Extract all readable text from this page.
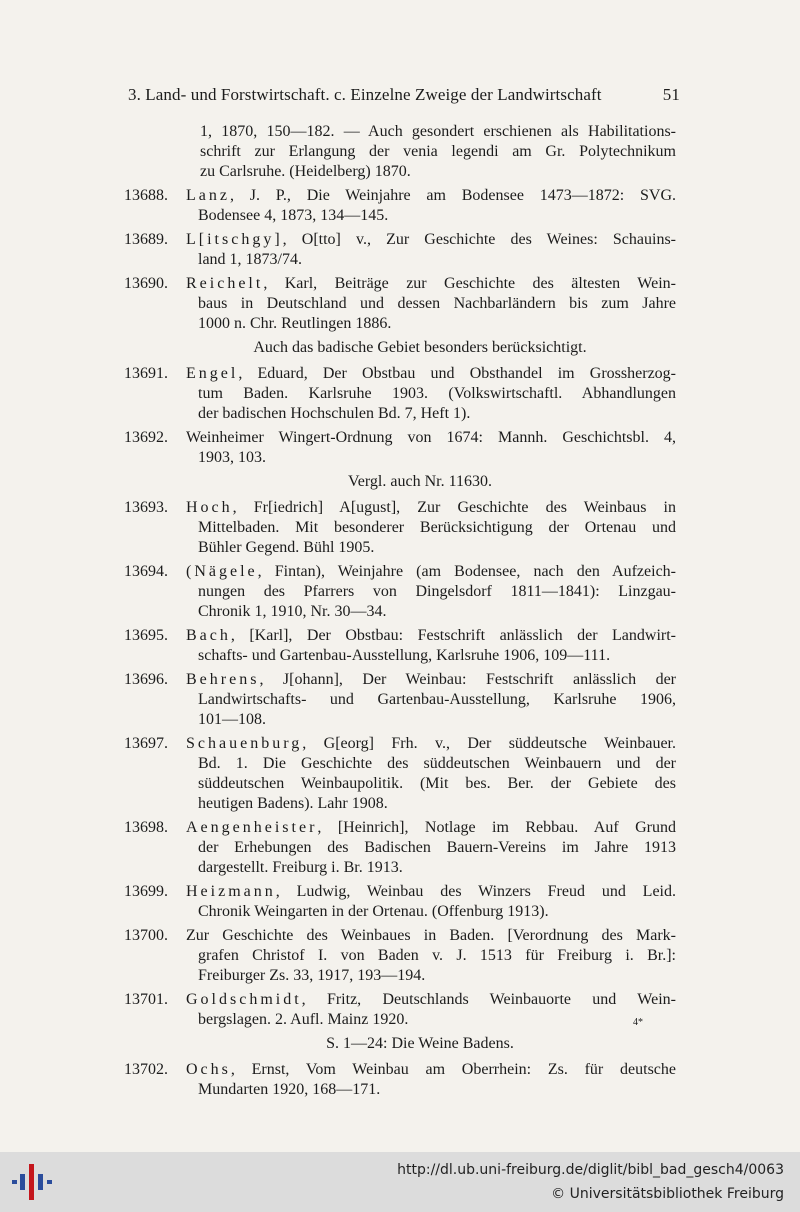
3. Land- und Forstwirtschaft. c. Einzelne Zweige der Landwirtschaft	51
1, 1870, 150—182. — Auch gesondert erschienen als Habilitations-
schrift zur Erlangung der venia legendi am Gr. Polytechnikum
zu Carlsruhe. (Heidelberg) 1870.
13688.	Lanz, J. P., Die Weinjahre am Bodensee 1473—1872: SVG.
Bodensee 4, 1873, 134—145.
13689.	L[itschgy], O[tto] v., Zur Geschichte des Weines: Schauins-
land 1, 1873/74.
13690.	Reichelt, Karl, Beiträge zur Geschichte des ältesten Wein-
baus in Deutschland und dessen Nachbarländern bis zum Jahre
1000 n. Chr. Reutlingen 1886.
Auch das badische Gebiet besonders berücksichtigt.
13691.	Engel, Eduard, Der Obstbau und Obsthandel im Grossherzog-
tum Baden. Karlsruhe 1903. (Volkswirtschaftl. Abhandlungen
der badischen Hochschulen Bd. 7, Heft 1).
13692.	Weinheimer Wingert-Ordnung von 1674: Mannh. Geschichtsbl. 4,
1903, 103.
Vergl. auch Nr. 11630.
13693.	Hoch, Fr[iedrich] A[ugust], Zur Geschichte des Weinbaus in
Mittelbaden. Mit besonderer Berücksichtigung der Ortenau und
Bühler Gegend. Bühl 1905.
13694.	(Nägele, Fintan), Weinjahre (am Bodensee, nach den Aufzeich-
nungen des Pfarrers von Dingelsdorf 1811—1841): Linzgau-
Chronik 1, 1910, Nr. 30—34.
13695.	Bach, [Karl], Der Obstbau: Festschrift anlässlich der Landwirt-
schafts- und Gartenbau-Ausstellung, Karlsruhe 1906, 109—111.
13696.	Behrens, J[ohann], Der Weinbau: Festschrift anlässlich der
Landwirtschafts- und Gartenbau-Ausstellung, Karlsruhe 1906,
101—108.
13697.	Schauenburg, G[eorg] Frh. v., Der süddeutsche Weinbauer.
Bd. 1. Die Geschichte des süddeutschen Weinbauern und der
süddeutschen Weinbaupolitik. (Mit bes. Ber. der Gebiete des
heutigen Badens). Lahr 1908.
13698.	Aengenheister, [Heinrich], Notlage im Rebbau. Auf Grund
der Erhebungen des Badischen Bauern-Vereins im Jahre 1913
dargestellt. Freiburg i. Br. 1913.
13699.	Heizmann, Ludwig, Weinbau des Winzers Freud und Leid.
Chronik Weingarten in der Ortenau. (Offenburg 1913).
13700.	Zur Geschichte des Weinbaues in Baden. [Verordnung des Mark-
grafen Christof I. von Baden v. J. 1513 für Freiburg i. Br.]:
Freiburger Zs. 33, 1917, 193—194.
13701.	Goldschmidt, Fritz, Deutschlands Weinbauorte und Wein-
bergslagen. 2. Aufl. Mainz 1920.
S. 1—24: Die Weine Badens.
13702.	Ochs, Ernst, Vom Weinbau am Oberrhein: Zs. für deutsche
Mundarten 1920, 168—171.
4*
http://dl.ub.uni-freiburg.de/diglit/bibl_bad_gesch4/0063
© Universitätsbibliothek Freiburg
